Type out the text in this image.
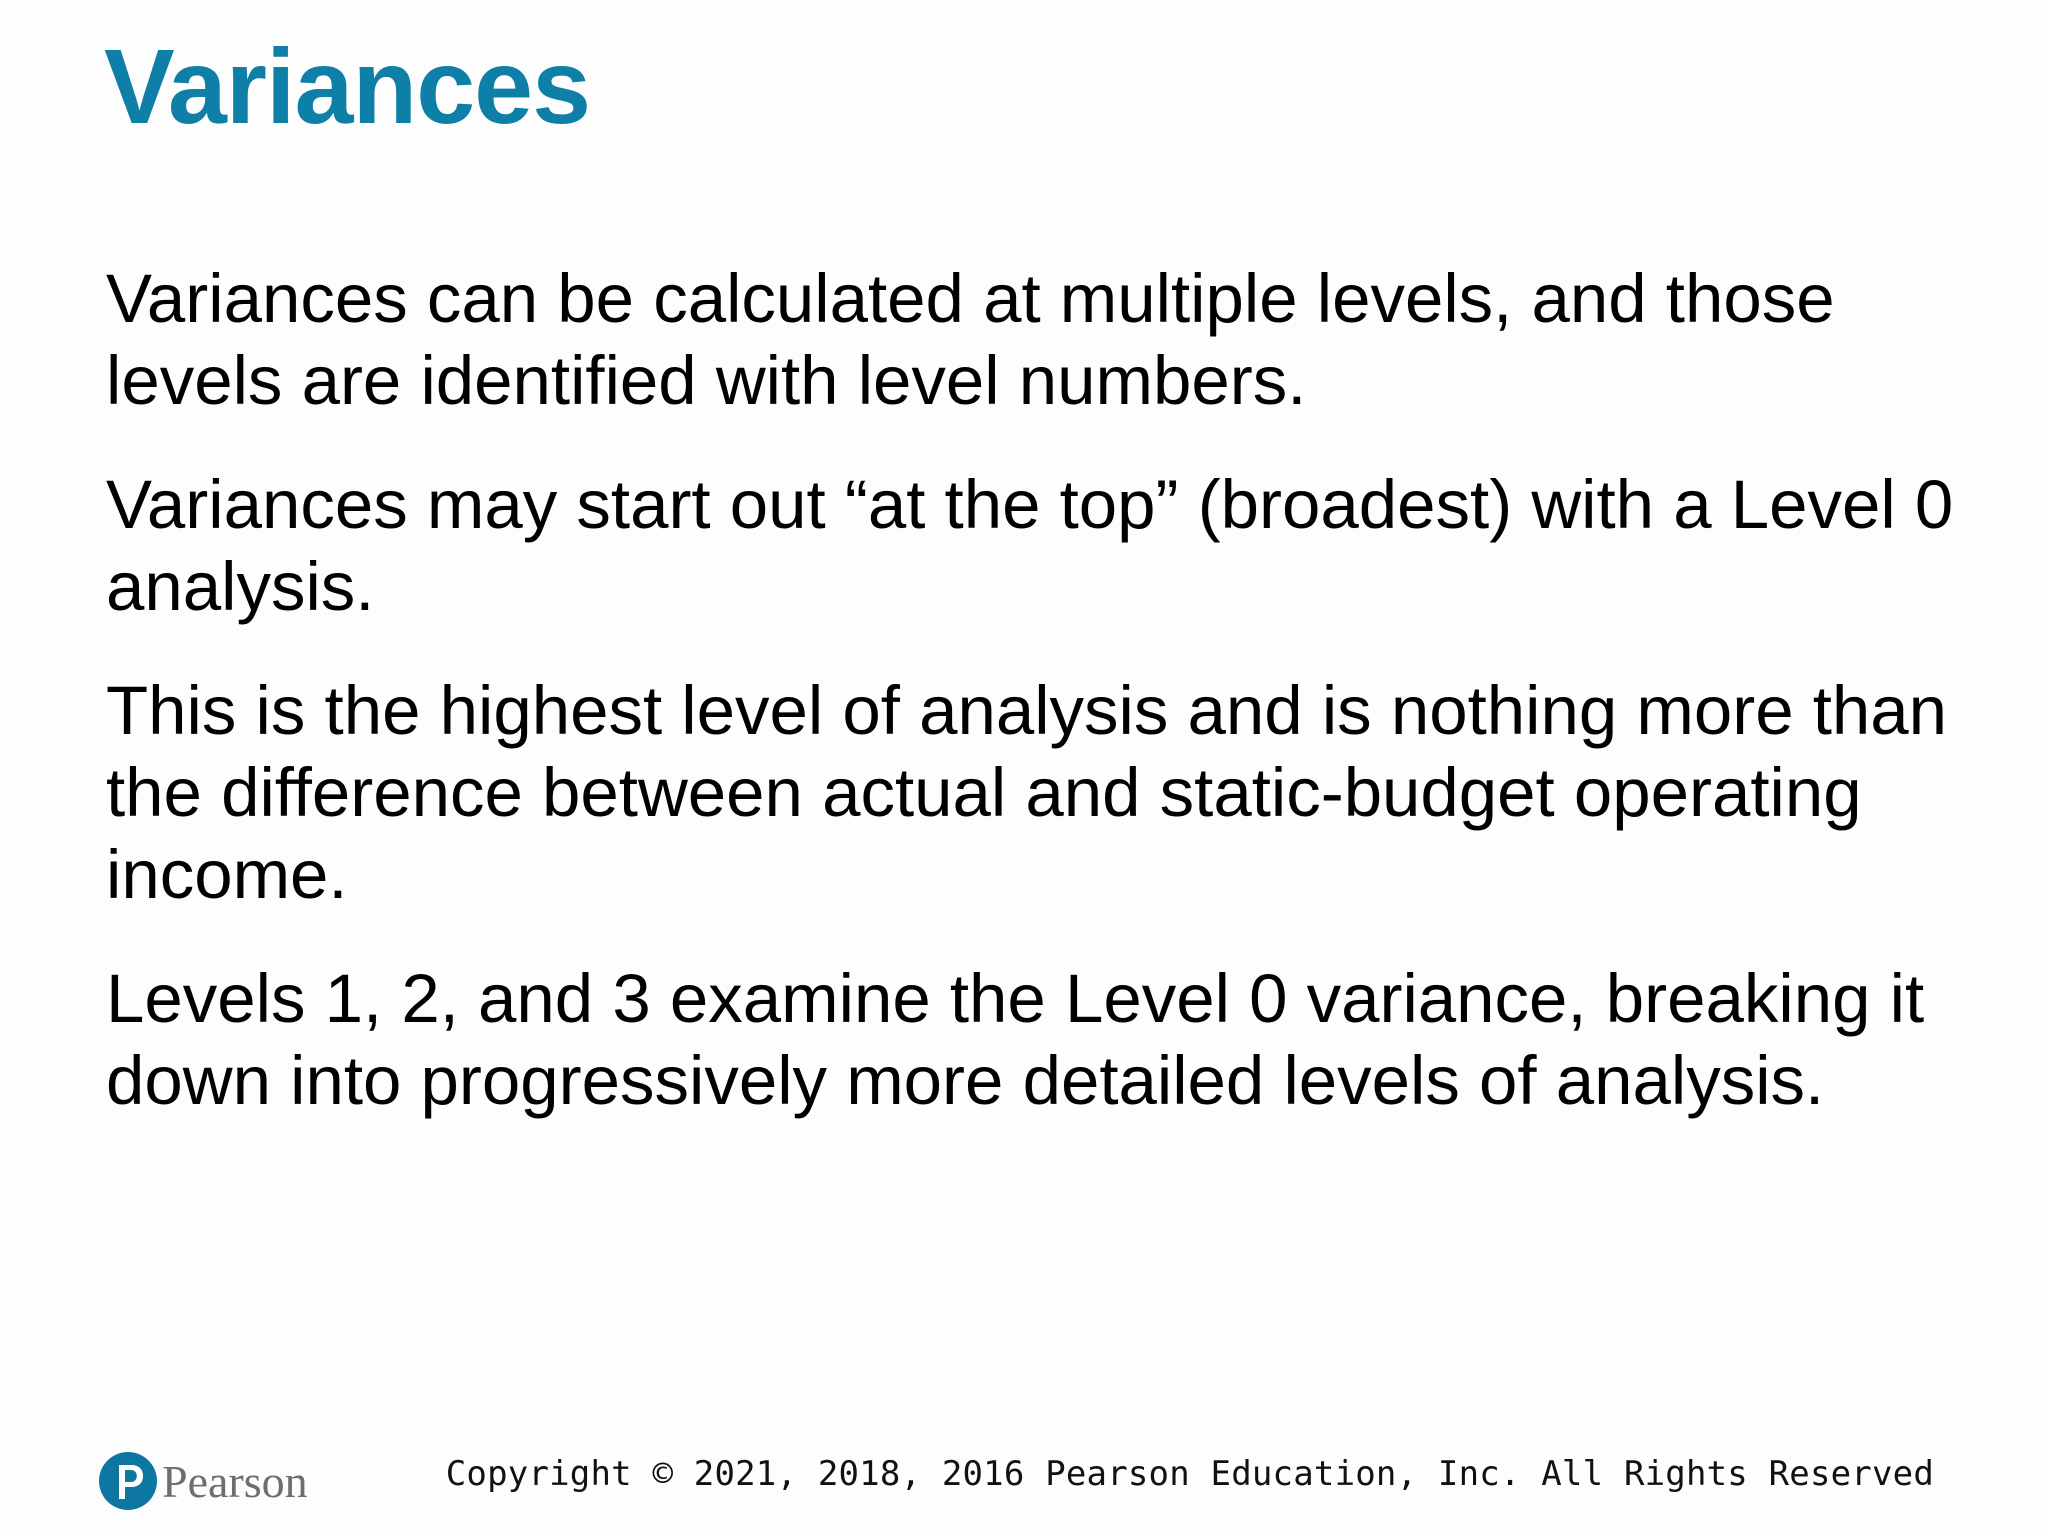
Variances

Variances can be calculated at multiple levels, and those levels are identified with level numbers.

Variances may start out “at the top” (broadest) with a Level 0 analysis.

This is the highest level of analysis and is nothing more than the difference between actual and static-budget operating income.

Levels 1, 2, and 3 examine the Level 0 variance, breaking it down into progressively more detailed levels of analysis.

Pearson	Copyright © 2021, 2018, 2016 Pearson Education, Inc. All Rights Reserved
